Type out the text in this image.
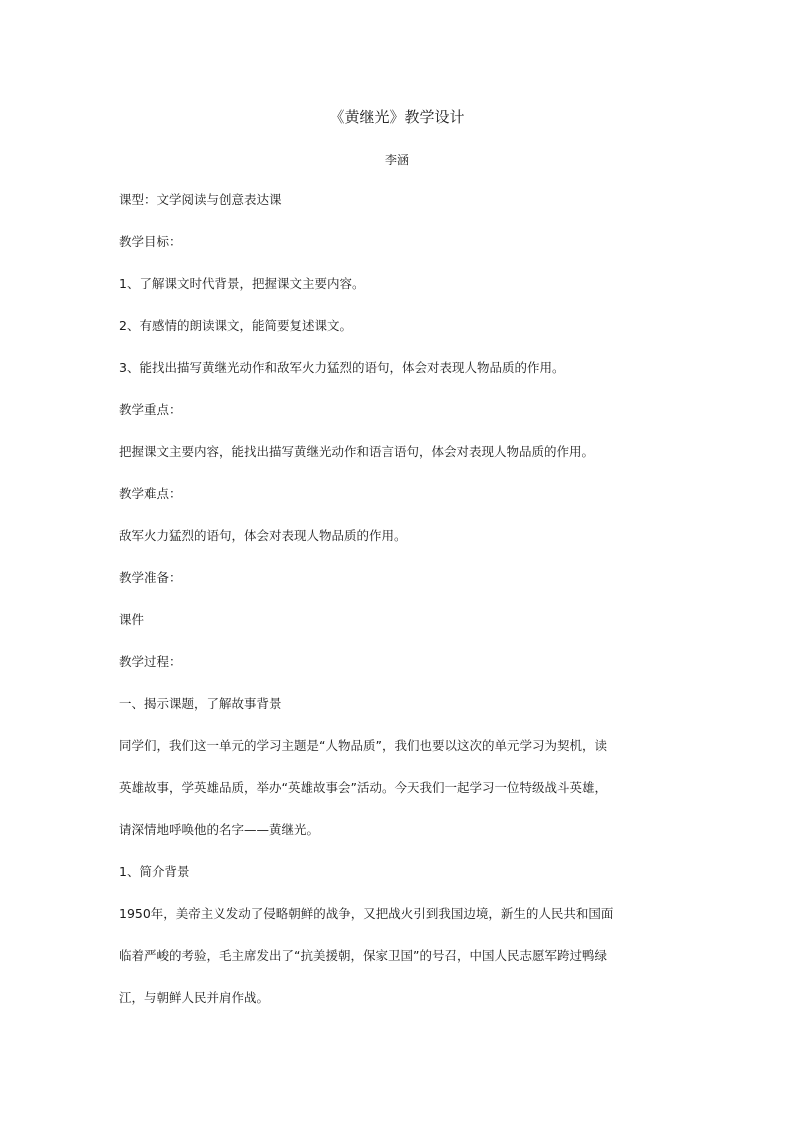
《黄继光》教学设计
李涵
课型：文学阅读与创意表达课
教学目标：
1、了解课文时代背景，把握课文主要内容。
2、有感情的朗读课文，能简要复述课文。
3、能找出描写黄继光动作和敌军火力猛烈的语句，体会对表现人物品质的作用。
教学重点：
把握课文主要内容，能找出描写黄继光动作和语言语句，体会对表现人物品质的作用。
教学难点：
敌军火力猛烈的语句，体会对表现人物品质的作用。
教学准备：
课件
教学过程：
一、揭示课题，了解故事背景
同学们，我们这一单元的学习主题是“人物品质”，我们也要以这次的单元学习为契机，读
英雄故事，学英雄品质，举办“英雄故事会”活动。今天我们一起学习一位特级战斗英雄，
请深情地呼唤他的名字——黄继光。
1、简介背景
1950年，美帝主义发动了侵略朝鲜的战争，又把战火引到我国边境，新生的人民共和国面
临着严峻的考验，毛主席发出了“抗美援朝，保家卫国”的号召，中国人民志愿军跨过鸭绿
江，与朝鲜人民并肩作战。
